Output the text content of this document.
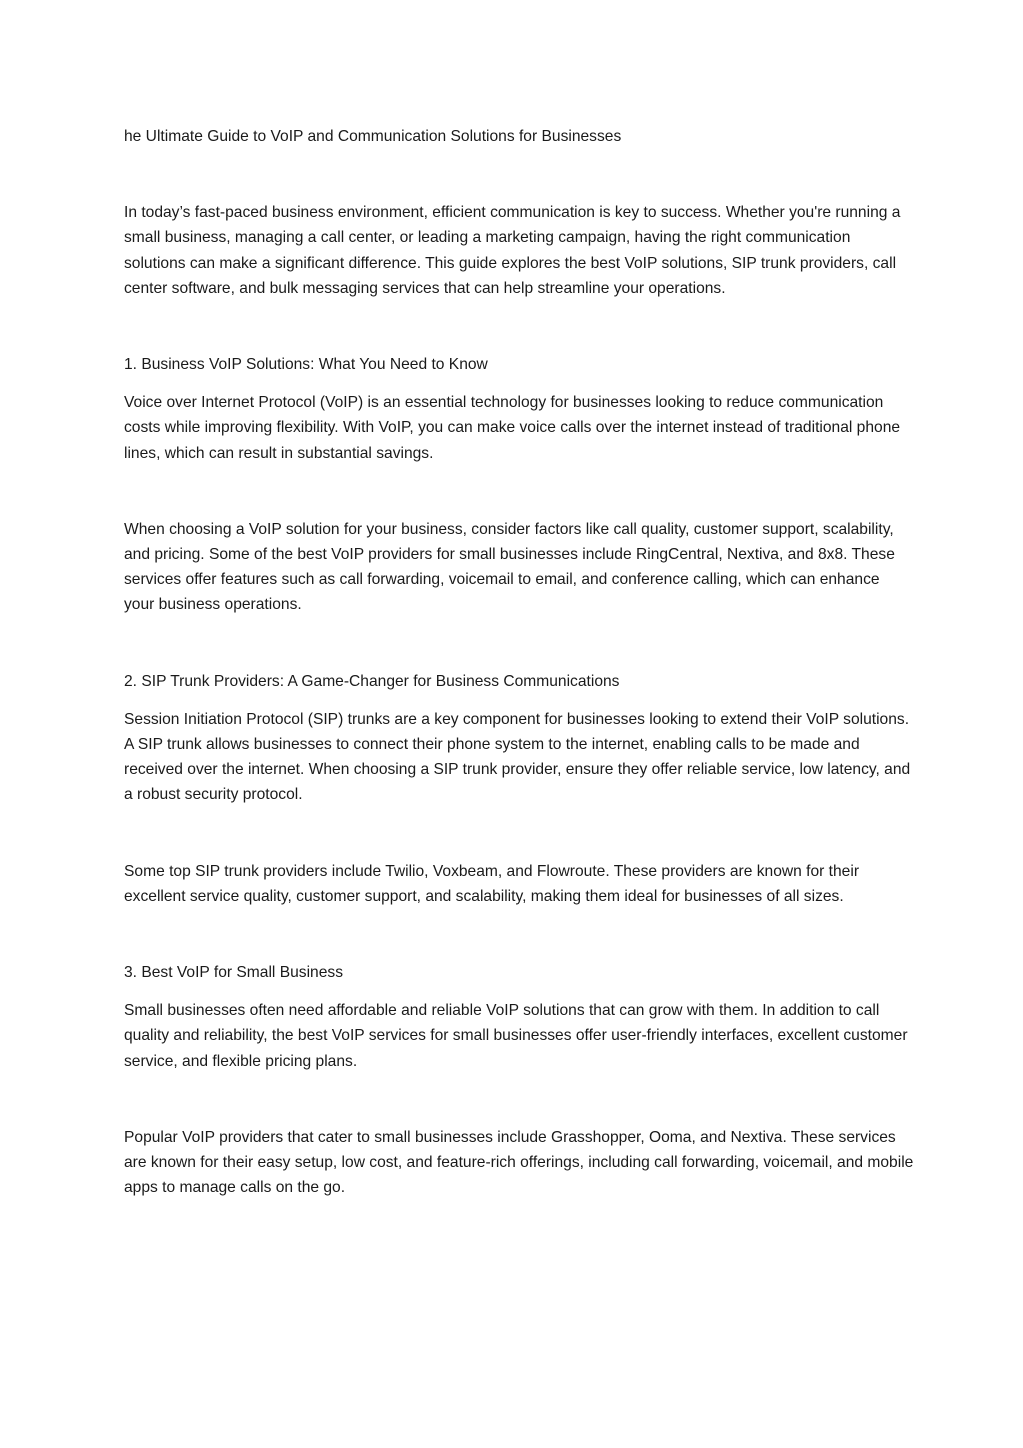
he Ultimate Guide to VoIP and Communication Solutions for Businesses

In today’s fast-paced business environment, efficient communication is key to success. Whether you're running a small business, managing a call center, or leading a marketing campaign, having the right communication solutions can make a significant difference. This guide explores the best VoIP solutions, SIP trunk providers, call center software, and bulk messaging services that can help streamline your operations.

1. Business VoIP Solutions: What You Need to Know

Voice over Internet Protocol (VoIP) is an essential technology for businesses looking to reduce communication costs while improving flexibility. With VoIP, you can make voice calls over the internet instead of traditional phone lines, which can result in substantial savings.

When choosing a VoIP solution for your business, consider factors like call quality, customer support, scalability, and pricing. Some of the best VoIP providers for small businesses include RingCentral, Nextiva, and 8x8. These services offer features such as call forwarding, voicemail to email, and conference calling, which can enhance your business operations.

2. SIP Trunk Providers: A Game-Changer for Business Communications

Session Initiation Protocol (SIP) trunks are a key component for businesses looking to extend their VoIP solutions. A SIP trunk allows businesses to connect their phone system to the internet, enabling calls to be made and received over the internet. When choosing a SIP trunk provider, ensure they offer reliable service, low latency, and a robust security protocol.

Some top SIP trunk providers include Twilio, Voxbeam, and Flowroute. These providers are known for their excellent service quality, customer support, and scalability, making them ideal for businesses of all sizes.

3. Best VoIP for Small Business

Small businesses often need affordable and reliable VoIP solutions that can grow with them. In addition to call quality and reliability, the best VoIP services for small businesses offer user-friendly interfaces, excellent customer service, and flexible pricing plans.

Popular VoIP providers that cater to small businesses include Grasshopper, Ooma, and Nextiva. These services are known for their easy setup, low cost, and feature-rich offerings, including call forwarding, voicemail, and mobile apps to manage calls on the go.
